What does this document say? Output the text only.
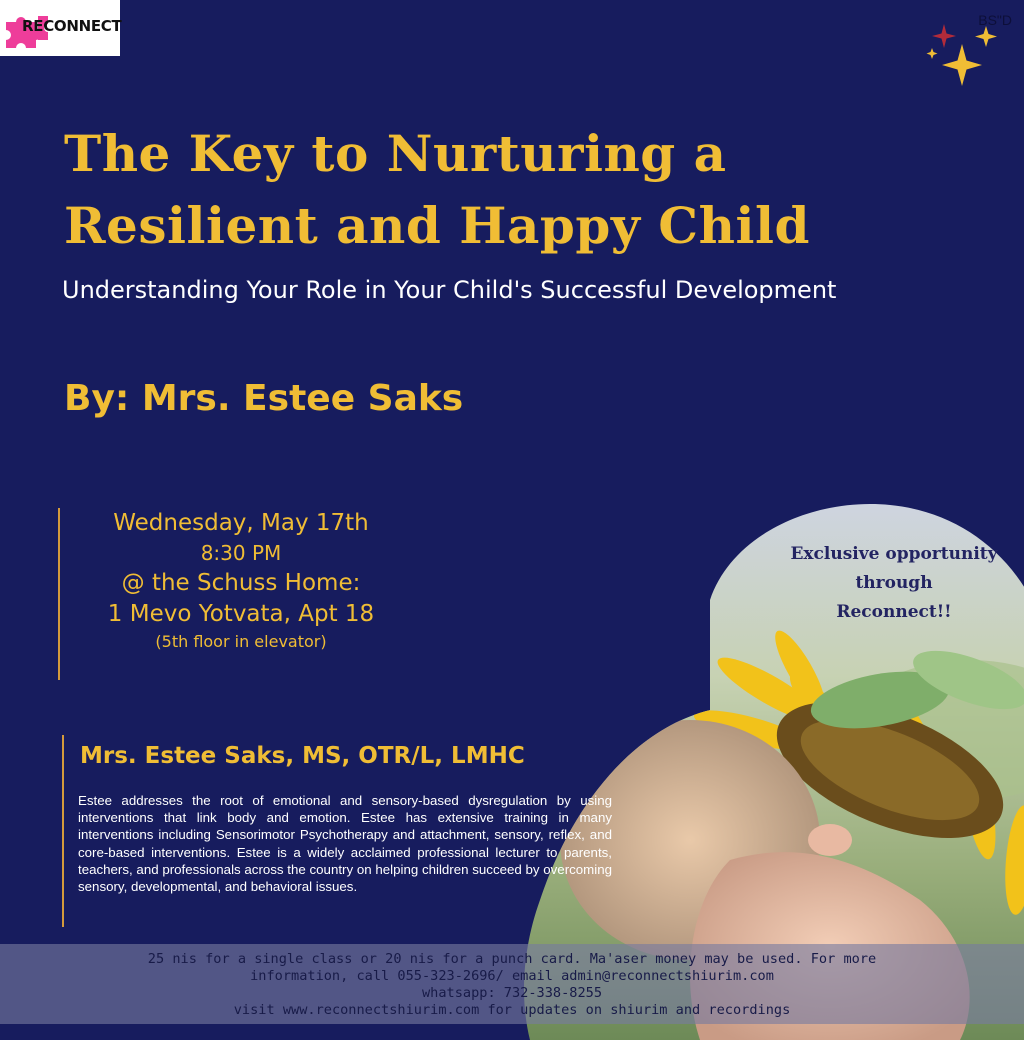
RECONNECT	BS"D
The Key to Nurturing a
Resilient and Happy Child
Understanding Your Role in Your Child's Successful Development
By: Mrs. Estee Saks
Wednesday, May 17th
8:30 PM
@ the Schuss Home:
1 Mevo Yotvata, Apt 18
(5th floor in elevator)
Exclusive opportunity
through
Reconnect!!
Mrs. Estee Saks, MS, OTR/L, LMHC
Estee addresses the root of emotional and sensory-based dysregulation by using interventions that link body and emotion. Estee has extensive training in many interventions including Sensorimotor Psychotherapy and attachment, sensory, reflex, and core-based interventions. Estee is a widely acclaimed professional lecturer to parents, teachers, and professionals across the country on helping children succeed by overcoming sensory, developmental, and behavioral issues.
25 nis for a single class or 20 nis for a punch card. Ma'aser money may be used. For more
information, call 055-323-2696/ email admin@reconnectshiurim.com
whatsapp: 732-338-8255
visit www.reconnectshiurim.com for updates on shiurim and recordings
